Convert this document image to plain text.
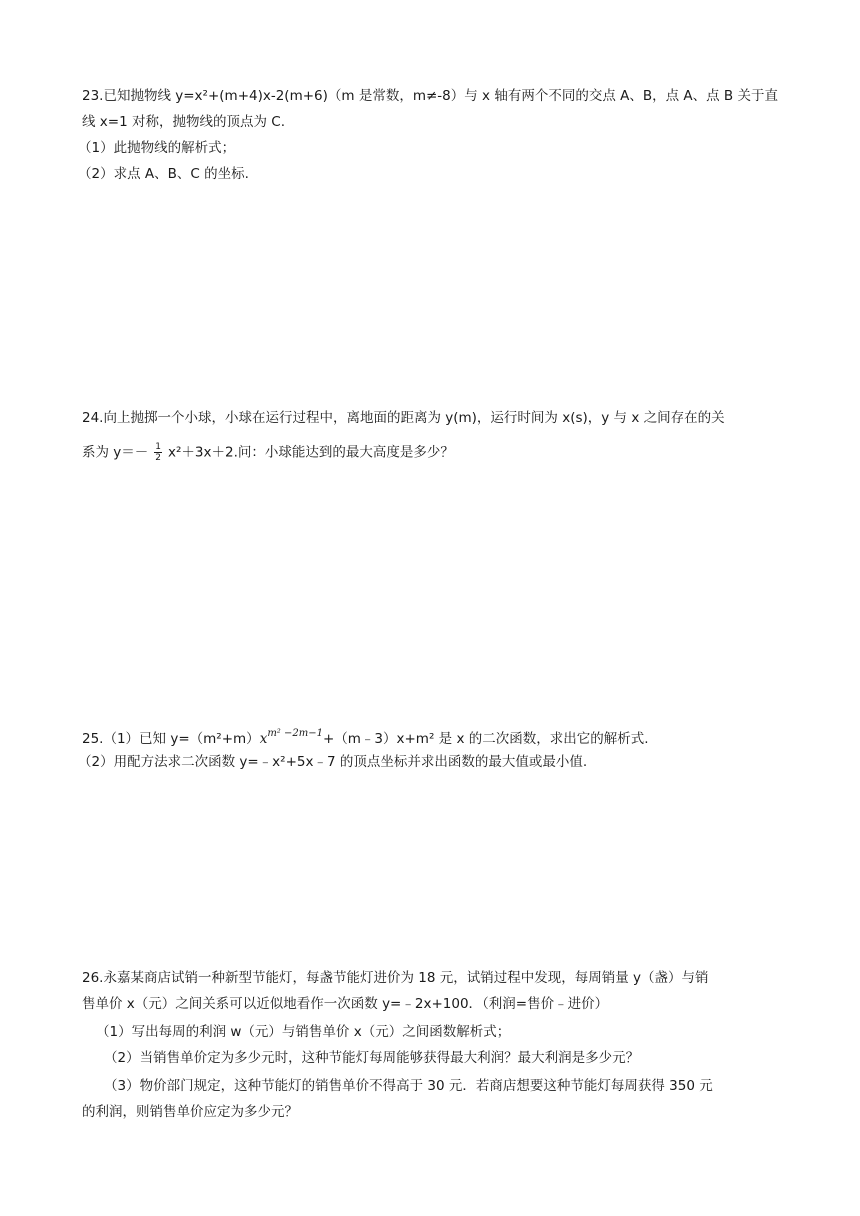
23.已知抛物线 y=x²+(m+4)x-2(m+6)（m 是常数，m≠-8）与 x 轴有两个不同的交点 A、B，点 A、点 B 关于直
线 x=1 对称，抛物线的顶点为 C.
（1）此抛物线的解析式；
（2）求点 A、B、C 的坐标.
24.向上抛掷一个小球，小球在运行过程中，离地面的距离为 y(m)，运行时间为 x(s)，y 与 x 之间存在的关
系为 $y=- \frac{1}{2} x^2+3x+2$.问：小球能达到的最大高度是多少？
25.（1）已知 $y=(m^2+m)x^{m^2 -2m-1}+(m﹣3)x+m^2$ 是 x 的二次函数，求出它的解析式.
（2）用配方法求二次函数 y=﹣x²+5x﹣7 的顶点坐标并求出函数的最大值或最小值.
26.永嘉某商店试销一种新型节能灯，每盏节能灯进价为 18 元，试销过程中发现，每周销量 y（盏）与销
售单价 x（元）之间关系可以近似地看作一次函数 y=﹣2x+100．（利润=售价﹣进价）
（1）写出每周的利润 w（元）与销售单价 x（元）之间函数解析式；
（2）当销售单价定为多少元时，这种节能灯每周能够获得最大利润？最大利润是多少元？
（3）物价部门规定，这种节能灯的销售单价不得高于 30 元．若商店想要这种节能灯每周获得 350 元
的利润，则销售单价应定为多少元？
